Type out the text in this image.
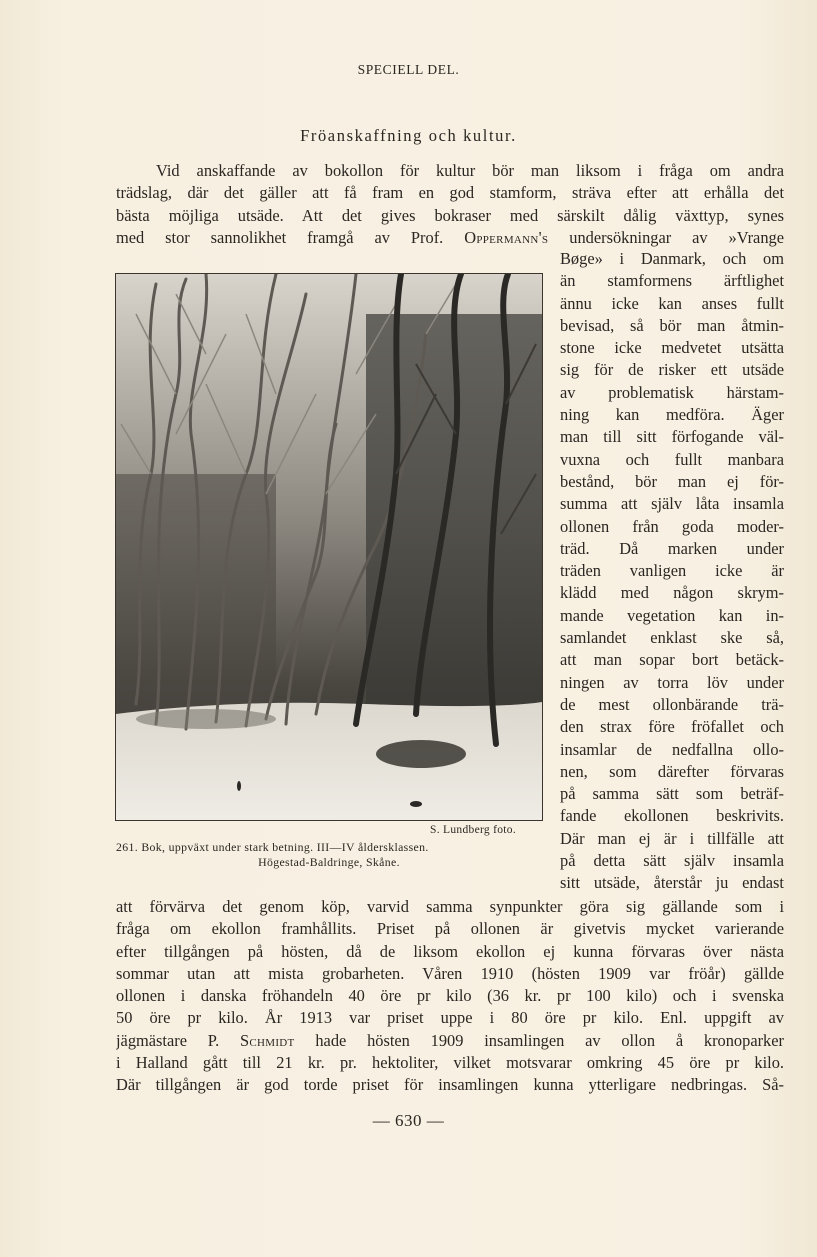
SPECIELL DEL.
Fröanskaffning och kultur.
Vid anskaffande av bokollon för kultur bör man liksom i fråga om andra
trädslag, där det gäller att få fram en god stamform, sträva efter att erhålla det
bästa möjliga utsäde. Att det gives bokraser med särskilt dålig växttyp, synes
med stor sannolikhet framgå av Prof. Oppermann's undersökningar av »Vrange
Bøge» i Danmark, och om
än stamformens ärftlighet
ännu icke kan anses fullt
bevisad, så bör man åtmin-
stone icke medvetet utsätta
sig för de risker ett utsäde
av problematisk härstam-
ning kan medföra. Äger
man till sitt förfogande väl-
vuxna och fullt manbara
bestånd, bör man ej för-
summa att själv låta insamla
ollonen från goda moder-
träd. Då marken under
träden vanligen icke är
klädd med någon skrym-
mande vegetation kan in-
samlandet enklast ske så,
att man sopar bort betäck-
ningen av torra löv under
de mest ollonbärande trä-
den strax före fröfallet och
insamlar de nedfallna ollo-
nen, som därefter förvaras
på samma sätt som beträf-
fande ekollonen beskrivits.
Där man ej är i tillfälle att
på detta sätt själv insamla
sitt utsäde, återstår ju endast
S. Lundberg foto.
261. Bok, uppväxt under stark betning. III—IV åldersklassen.
Högestad-Baldringe, Skåne.
att förvärva det genom köp, varvid samma synpunkter göra sig gällande som i
fråga om ekollon framhållits. Priset på ollonen är givetvis mycket varierande
efter tillgången på hösten, då de liksom ekollon ej kunna förvaras över nästa
sommar utan att mista grobarheten. Våren 1910 (hösten 1909 var fröår) gällde
ollonen i danska fröhandeln 40 öre pr kilo (36 kr. pr 100 kilo) och i svenska
50 öre pr kilo. År 1913 var priset uppe i 80 öre pr kilo. Enl. uppgift av
jägmästare P. Schmidt hade hösten 1909 insamlingen av ollon å kronoparker
i Halland gått till 21 kr. pr. hektoliter, vilket motsvarar omkring 45 öre pr kilo.
Där tillgången är god torde priset för insamlingen kunna ytterligare nedbringas. Så-
— 630 —
